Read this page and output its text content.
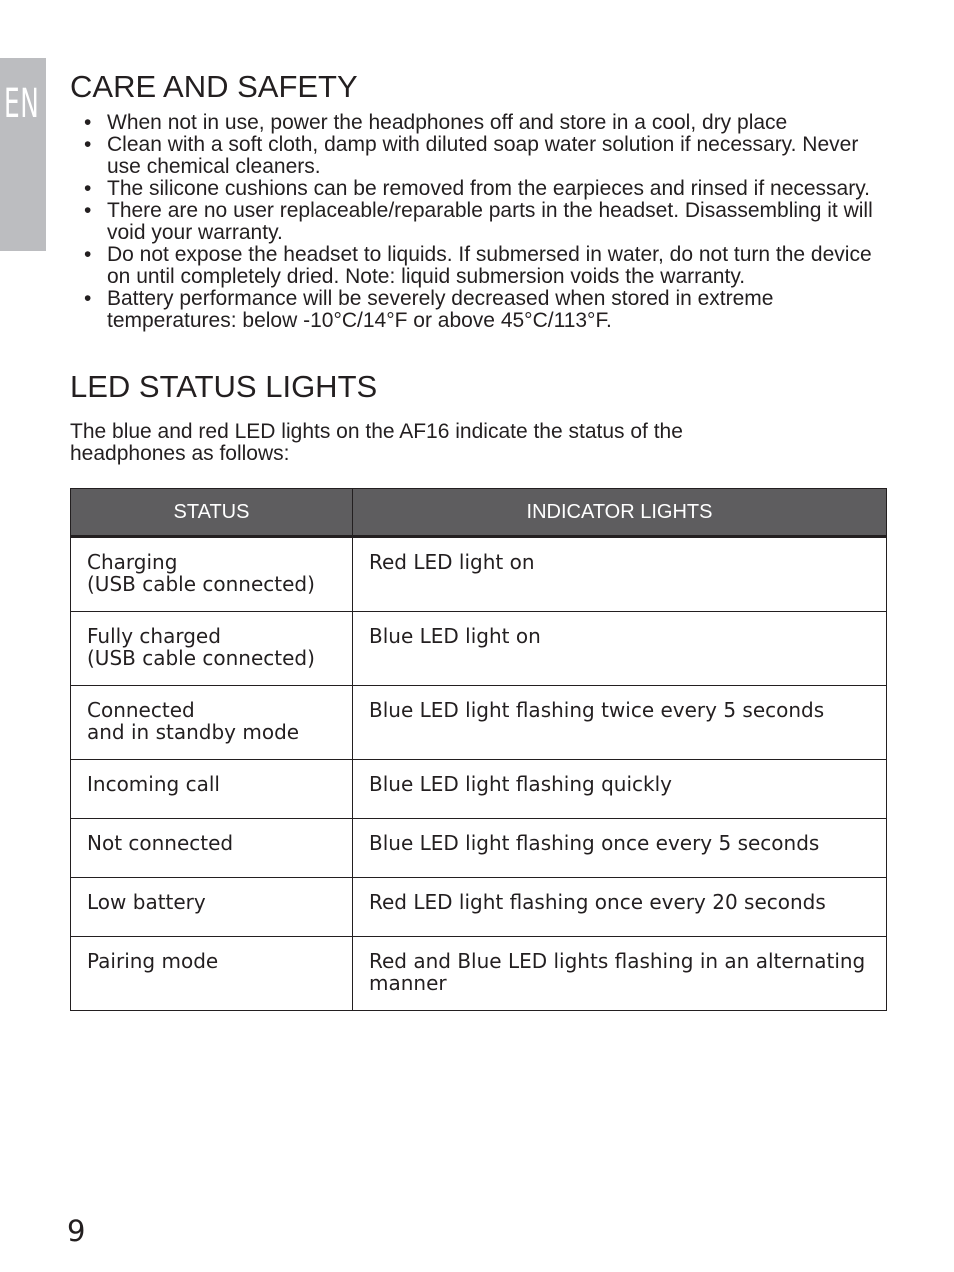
EN CARE AND SAFETY
• When not in use, power the headphones off and store in a cool, dry place
• Clean with a soft cloth, damp with diluted soap water solution if necessary. Never use chemical cleaners.
• The silicone cushions can be removed from the earpieces and rinsed if necessary.
• There are no user replaceable/reparable parts in the headset. Disassembling it will void your warranty.
• Do not expose the headset to liquids. If submersed in water, do not turn the device on until completely dried. Note: liquid submersion voids the warranty.
• Battery performance will be severely decreased when stored in extreme temperatures: below -10°C/14°F or above 45°C/113°F.
LED STATUS LIGHTS
The blue and red LED lights on the AF16 indicate the status of the headphones as follows:
STATUS	INDICATOR LIGHTS
Charging
(USB cable connected)	Red LED light on
Fully charged
(USB cable connected)	Blue LED light on
Connected
and in standby mode	Blue LED light flashing twice every 5 seconds
Incoming call	Blue LED light flashing quickly
Not connected	Blue LED light flashing once every 5 seconds
Low battery	Red LED light flashing once every 20 seconds
Pairing mode	Red and Blue LED lights flashing in an alternating manner
9
